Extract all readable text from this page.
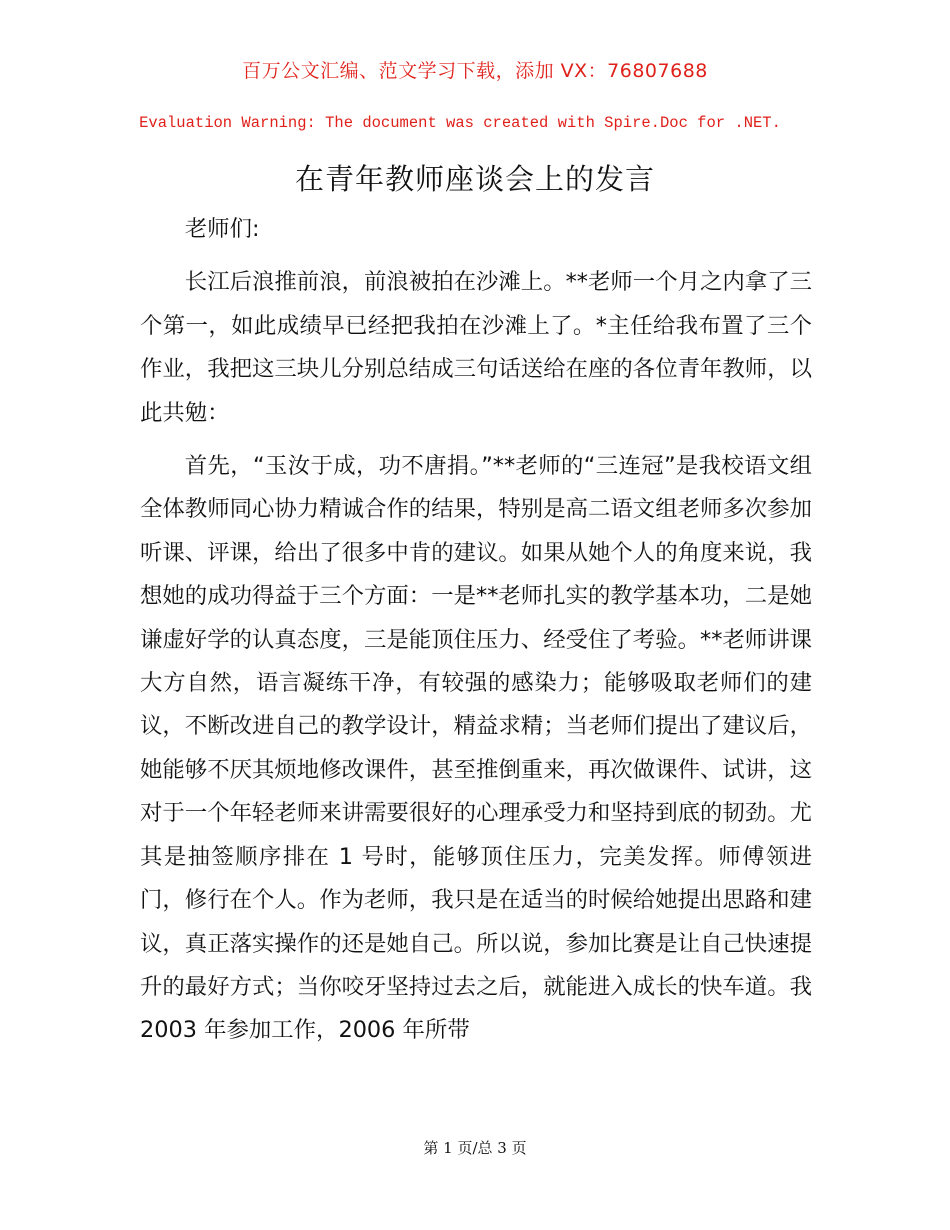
百万公文汇编、范文学习下载，添加 VX：76807688
Evaluation Warning: The document was created with Spire.Doc for .NET.
在青年教师座谈会上的发言

老师们:

长江后浪推前浪，前浪被拍在沙滩上。**老师一个月之内拿了三个第一，如此成绩早已经把我拍在沙滩上了。*主任给我布置了三个作业，我把这三块儿分别总结成三句话送给在座的各位青年教师，以此共勉：

首先，“玉汝于成，功不唐捐。”**老师的“三连冠”是我校语文组全体教师同心协力精诚合作的结果，特别是高二语文组老师多次参加听课、评课，给出了很多中肯的建议。如果从她个人的角度来说，我想她的成功得益于三个方面：一是**老师扎实的教学基本功，二是她谦虚好学的认真态度，三是能顶住压力、经受住了考验。**老师讲课大方自然，语言凝练干净，有较强的感染力；能够吸取老师们的建议，不断改进自己的教学设计，精益求精；当老师们提出了建议后，她能够不厌其烦地修改课件，甚至推倒重来，再次做课件、试讲，这对于一个年轻老师来讲需要很好的心理承受力和坚持到底的韧劲。尤其是抽签顺序排在 1 号时，能够顶住压力，完美发挥。师傅领进门，修行在个人。作为老师，我只是在适当的时候给她提出思路和建议，真正落实操作的还是她自己。所以说，参加比赛是让自己快速提升的最好方式；当你咬牙坚持过去之后，就能进入成长的快车道。我 2003 年参加工作，2006 年所带

第 1 页/总 3 页
